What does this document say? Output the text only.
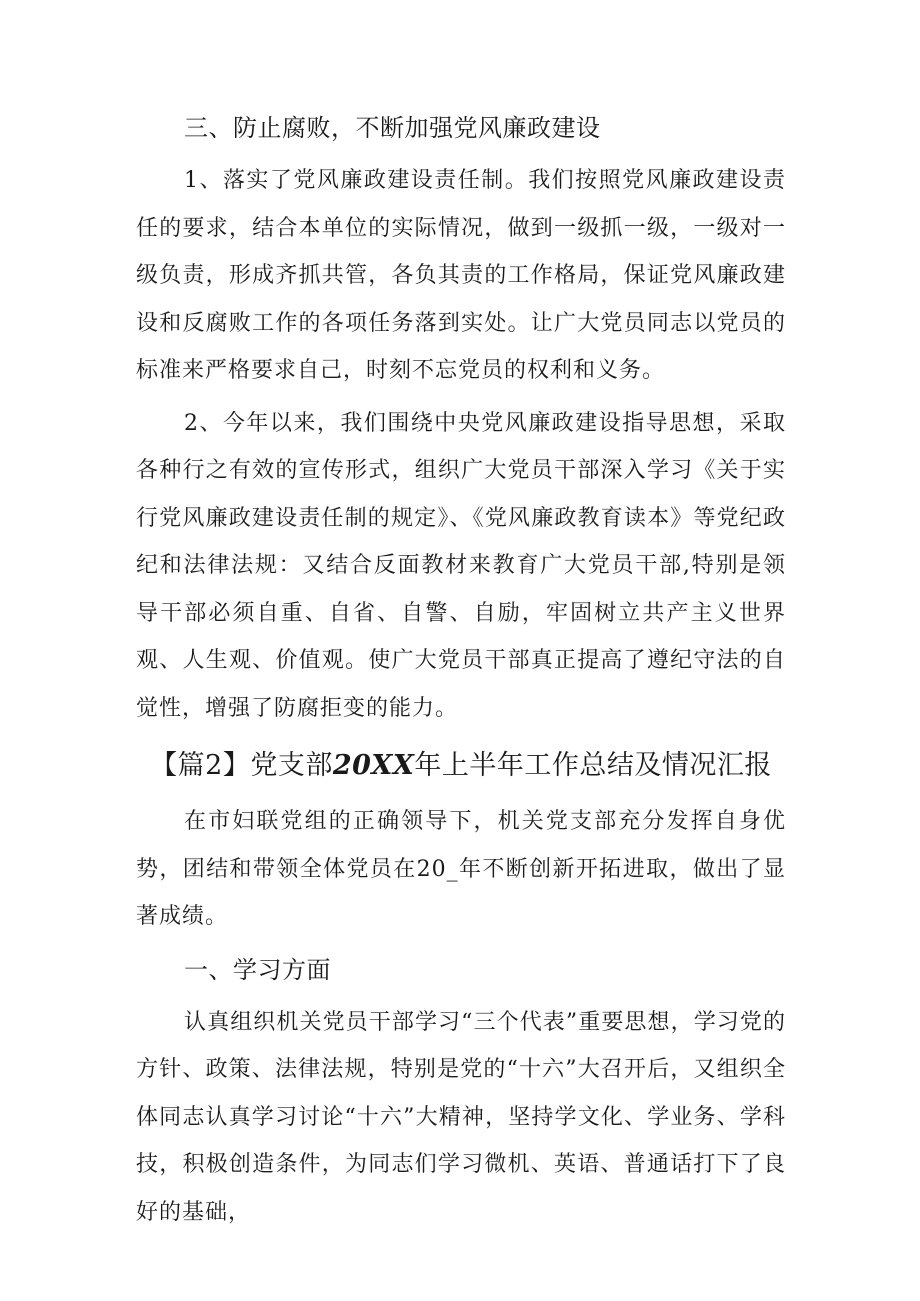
三、防止腐败，不断加强党风廉政建设

1、落实了党风廉政建设责任制。我们按照党风廉政建设责任的要求，结合本单位的实际情况，做到一级抓一级，一级对一级负责，形成齐抓共管，各负其责的工作格局，保证党风廉政建设和反腐败工作的各项任务落到实处。让广大党员同志以党员的标准来严格要求自己，时刻不忘党员的权利和义务。

2、今年以来，我们围绕中央党风廉政建设指导思想，采取各种行之有效的宣传形式，组织广大党员干部深入学习《关于实行党风廉政建设责任制的规定》、《党风廉政教育读本》等党纪政纪和法律法规：又结合反面教材来教育广大党员干部,特别是领导干部必须自重、自省、自警、自励，牢固树立共产主义世界观、人生观、价值观。使广大党员干部真正提高了遵纪守法的自觉性，增强了防腐拒变的能力。

【篇2】党支部20XX年上半年工作总结及情况汇报

在市妇联党组的正确领导下，机关党支部充分发挥自身优势，团结和带领全体党员在20_年不断创新开拓进取，做出了显著成绩。

一、学习方面

认真组织机关党员干部学习“三个代表”重要思想，学习党的方针、政策、法律法规，特别是党的“十六”大召开后，又组织全体同志认真学习讨论“十六”大精神，坚持学文化、学业务、学科技，积极创造条件，为同志们学习微机、英语、普通话打下了良好的基础，
